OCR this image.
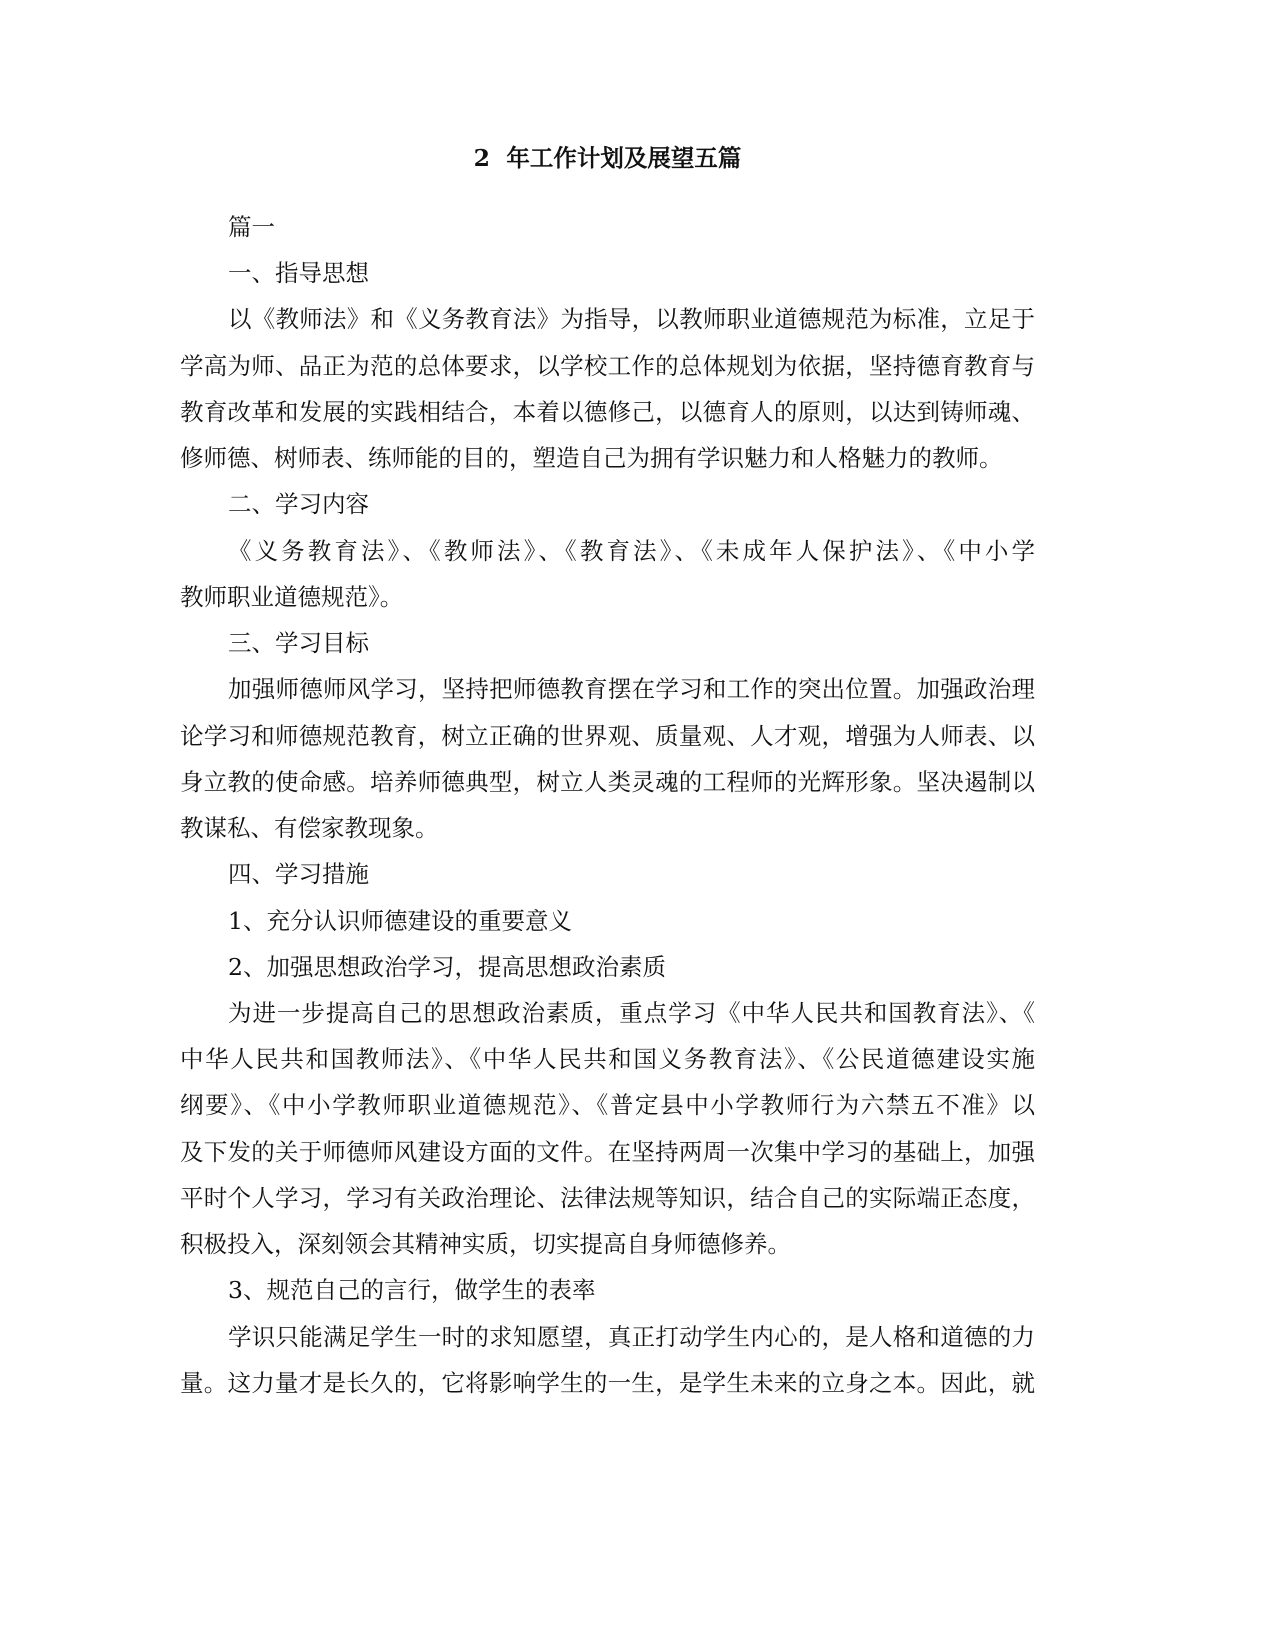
2  年工作计划及展望五篇
篇一
一、指导思想
以《教师法》和《义务教育法》为指导，以教师职业道德规范为标准，立足于
学高为师、品正为范的总体要求，以学校工作的总体规划为依据，坚持德育教育与
教育改革和发展的实践相结合，本着以德修己，以德育人的原则，以达到铸师魂、
修师德、树师表、练师能的目的，塑造自己为拥有学识魅力和人格魅力的教师。
二、学习内容
《义务教育法》、《教师法》、《教育法》、《未成年人保护法》、《中小学
教师职业道德规范》。
三、学习目标
加强师德师风学习，坚持把师德教育摆在学习和工作的突出位置。加强政治理
论学习和师德规范教育，树立正确的世界观、质量观、人才观，增强为人师表、以
身立教的使命感。培养师德典型，树立人类灵魂的工程师的光辉形象。坚决遏制以
教谋私、有偿家教现象。
四、学习措施
1、充分认识师德建设的重要意义
2、加强思想政治学习，提高思想政治素质
为进一步提高自己的思想政治素质，重点学习《中华人民共和国教育法》、《
中华人民共和国教师法》、《中华人民共和国义务教育法》、《公民道德建设实施
纲要》、《中小学教师职业道德规范》、《普定县中小学教师行为六禁五不准》以
及下发的关于师德师风建设方面的文件。在坚持两周一次集中学习的基础上，加强
平时个人学习，学习有关政治理论、法律法规等知识，结合自己的实际端正态度，
积极投入，深刻领会其精神实质，切实提高自身师德修养。
3、规范自己的言行，做学生的表率
学识只能满足学生一时的求知愿望，真正打动学生内心的，是人格和道德的力
量。这力量才是长久的，它将影响学生的一生，是学生未来的立身之本。因此，就
